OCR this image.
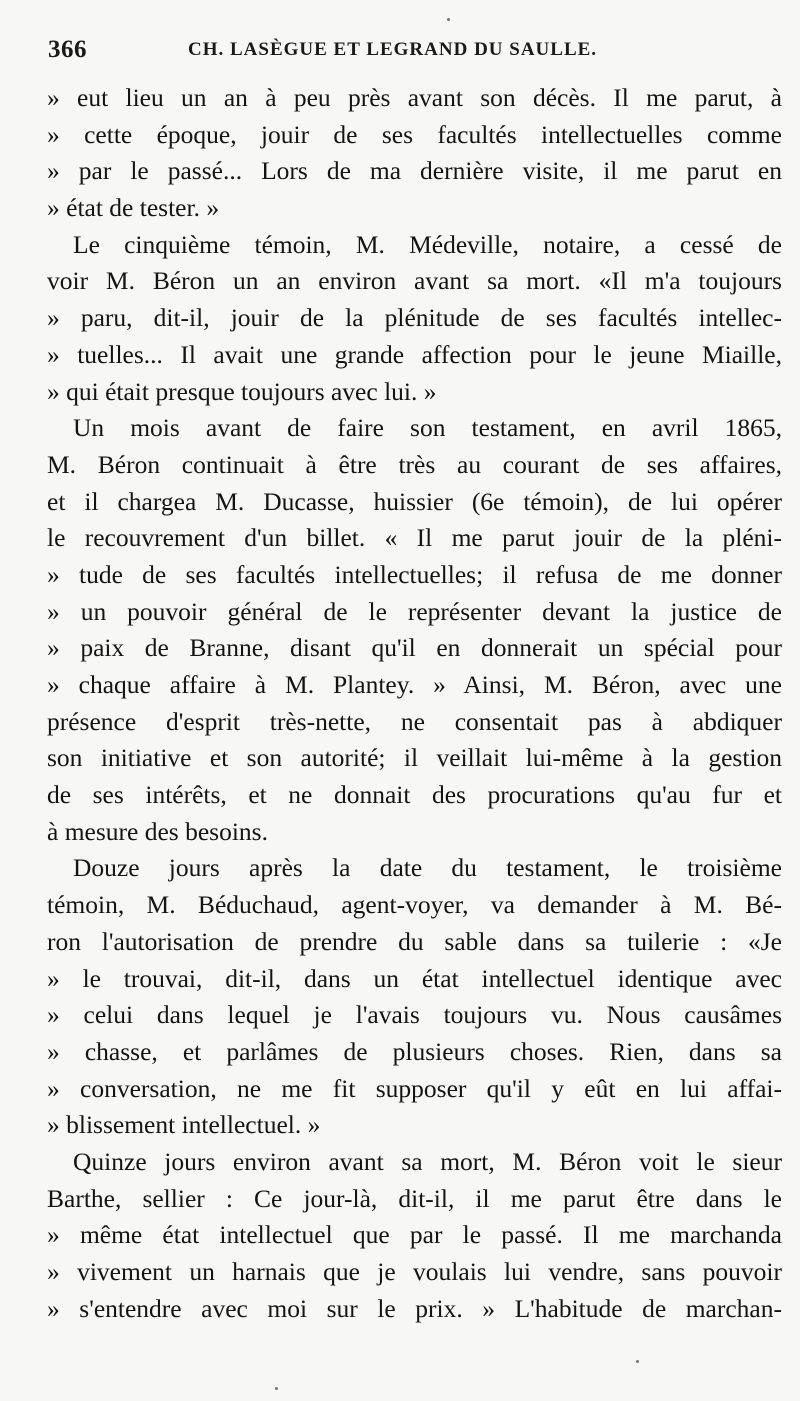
366	CH. LASÈGUE ET LEGRAND DU SAULLE.
» eut lieu un an à peu près avant son décès. Il me parut, à
» cette époque, jouir de ses facultés intellectuelles comme
» par le passé... Lors de ma dernière visite, il me parut en
» état de tester. »
Le cinquième témoin, M. Médeville, notaire, a cessé de
voir M. Béron un an environ avant sa mort. «Il m'a toujours
» paru, dit-il, jouir de la plénitude de ses facultés intellec-
» tuelles... Il avait une grande affection pour le jeune Miaille,
» qui était presque toujours avec lui. »
Un mois avant de faire son testament, en avril 1865,
M. Béron continuait à être très au courant de ses affaires,
et il chargea M. Ducasse, huissier (6e témoin), de lui opérer
le recouvrement d'un billet. « Il me parut jouir de la pléni-
» tude de ses facultés intellectuelles; il refusa de me donner
» un pouvoir général de le représenter devant la justice de
» paix de Branne, disant qu'il en donnerait un spécial pour
» chaque affaire à M. Plantey. » Ainsi, M. Béron, avec une
présence d'esprit très-nette, ne consentait pas à abdiquer
son initiative et son autorité; il veillait lui-même à la gestion
de ses intérêts, et ne donnait des procurations qu'au fur et
à mesure des besoins.
Douze jours après la date du testament, le troisième
témoin, M. Béduchaud, agent-voyer, va demander à M. Bé-
ron l'autorisation de prendre du sable dans sa tuilerie : «Je
» le trouvai, dit-il, dans un état intellectuel identique avec
» celui dans lequel je l'avais toujours vu. Nous causâmes
» chasse, et parlâmes de plusieurs choses. Rien, dans sa
» conversation, ne me fit supposer qu'il y eût en lui affai-
» blissement intellectuel. »
Quinze jours environ avant sa mort, M. Béron voit le sieur
Barthe, sellier : Ce jour-là, dit-il, il me parut être dans le
» même état intellectuel que par le passé. Il me marchanda
» vivement un harnais que je voulais lui vendre, sans pouvoir
» s'entendre avec moi sur le prix. » L'habitude de marchan-
